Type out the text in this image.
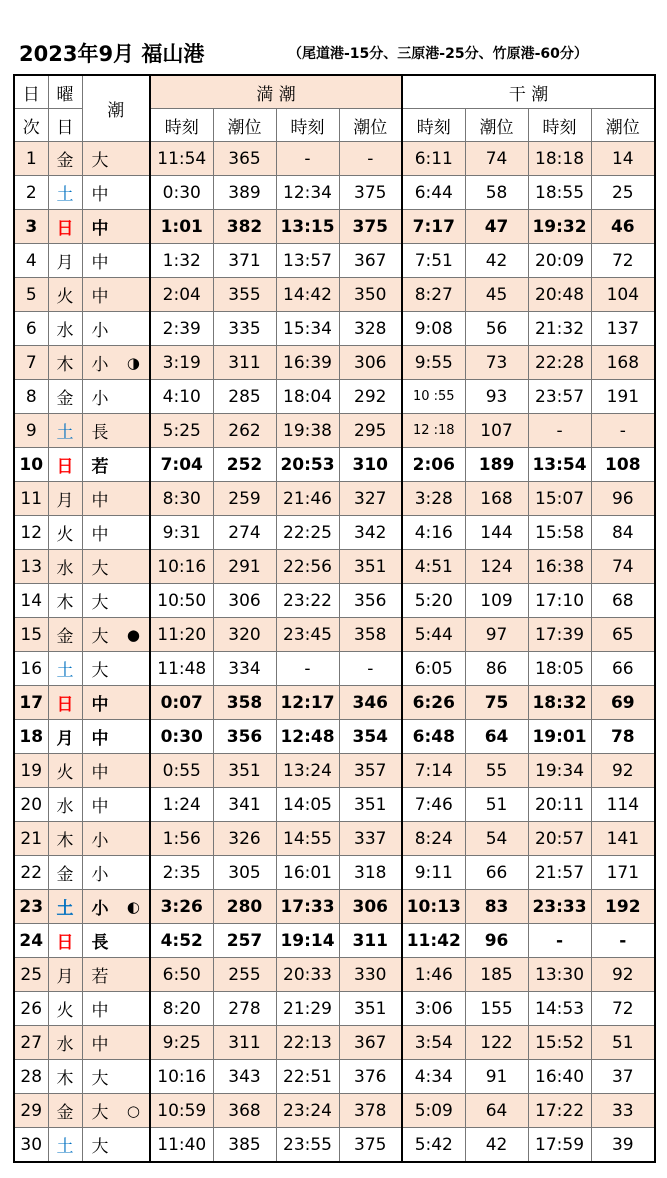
2023年9月 福山港	（尾道港-15分、三原港-25分、竹原港-60分）
日	曜	潮	満 潮				干 潮			
次	日		時刻	潮位	時刻	潮位	時刻	潮位	時刻	潮位
1	金	大	11:54	365	-	-	6:11	74	18:18	14
2	土	中	0:30	389	12:34	375	6:44	58	18:55	25
3	日	中	1:01	382	13:15	375	7:17	47	19:32	46
4	月	中	1:32	371	13:57	367	7:51	42	20:09	72
5	火	中	2:04	355	14:42	350	8:27	45	20:48	104
6	水	小	2:39	335	15:34	328	9:08	56	21:32	137
7	木	小 ◑	3:19	311	16:39	306	9:55	73	22:28	168
8	金	小	4:10	285	18:04	292	10 :55	93	23:57	191
9	土	長	5:25	262	19:38	295	12 :18	107	-	-
10	日	若	7:04	252	20:53	310	2:06	189	13:54	108
11	月	中	8:30	259	21:46	327	3:28	168	15:07	96
12	火	中	9:31	274	22:25	342	4:16	144	15:58	84
13	水	大	10:16	291	22:56	351	4:51	124	16:38	74
14	木	大	10:50	306	23:22	356	5:20	109	17:10	68
15	金	大 ●	11:20	320	23:45	358	5:44	97	17:39	65
16	土	大	11:48	334	-	-	6:05	86	18:05	66
17	日	中	0:07	358	12:17	346	6:26	75	18:32	69
18	月	中	0:30	356	12:48	354	6:48	64	19:01	78
19	火	中	0:55	351	13:24	357	7:14	55	19:34	92
20	水	中	1:24	341	14:05	351	7:46	51	20:11	114
21	木	小	1:56	326	14:55	337	8:24	54	20:57	141
22	金	小	2:35	305	16:01	318	9:11	66	21:57	171
23	土	小 ◐	3:26	280	17:33	306	10:13	83	23:33	192
24	日	長	4:52	257	19:14	311	11:42	96	-	-
25	月	若	6:50	255	20:33	330	1:46	185	13:30	92
26	火	中	8:20	278	21:29	351	3:06	155	14:53	72
27	水	中	9:25	311	22:13	367	3:54	122	15:52	51
28	木	大	10:16	343	22:51	376	4:34	91	16:40	37
29	金	大 ○	10:59	368	23:24	378	5:09	64	17:22	33
30	土	大	11:40	385	23:55	375	5:42	42	17:59	39
